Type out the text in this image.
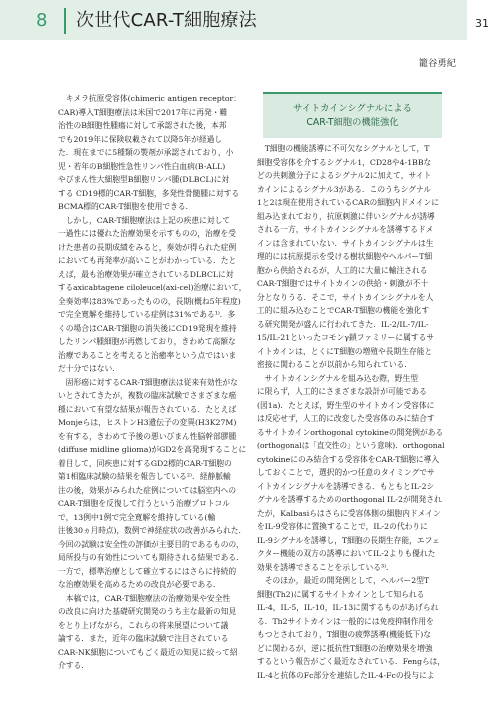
8 次世代CAR-T細胞療法	31
籠谷勇紀

　キメラ抗原受容体(chimeric antigen receptor：

CAR)導入T細胞療法は米国で2017年に再発・難

治性のB細胞性腫瘍に対して承認された後，本邦

でも2019年に保険収載されて以降5年が経過し

た．現在までに5種類の製剤が承認されており，小

児・若年のB細胞性急性リンパ性白血病(B-ALL)

やびまん性大細胞型B細胞リンパ腫(DLBCL)に対

する CD19標的CAR-T細胞，多発性骨髄腫に対する

BCMA標的CAR-T細胞を使用できる．

　しかし，CAR-T細胞療法は上記の疾患に対して

一過性には優れた治療効果を示すものの，治療を受

けた患者の長期成績をみると，奏効が得られた症例

においても再発率が高いことがわかっている．たと

えば，最も治療効果が確立されているDLBCLに対

するaxicabtagene ciloleucel(axi-cel)治療において，

全奏効率は83%であったものの，長期(概ね5年程度)

で完全寛解を維持している症例は31%である¹⁾．多

くの場合はCAR-T細胞の消失後にCD19発現を維持

したリンパ腫細胞が再燃しており，きわめて高額な

治療であることを考えると治癒率という点ではいま

だ十分ではない．

　固形癌に対するCAR-T細胞療法は従来有効性がな

いとされてきたが，複数の臨床試験でさまざまな癌

種において有望な結果が報告されている．たとえば

Monjeらは，ヒストンH3遺伝子の変異(H3K27M)

を有する，きわめて予後の悪いびまん性脳幹部膠腫

(diffuse midline glioma)がGD2を高発現することに

着目して，同疾患に対するGD2標的CAR-T細胞の

第1相臨床試験の結果を報告している²⁾．経静脈輸

注の後，効果がみられた症例については脳室内への

CAR-T細胞を反復して行うという治療プロトコル

で，13例中1例で完全寛解を維持している(輸

注後30ヵ月時点)，数例で神経症状の改善がみられた．

今回の試験は安全性の評価が主要目的であるものの，

局所投与の有効性についても期待される結果である．

一方で，標準治療として確立するにはさらに持続的

な治療効果を高めるための改良が必要である．

　本稿では，CAR-T細胞療法の治療効果や安全性

の改良に向けた基礎研究開発のうち主な最新の知見

をとり上げながら，これらの将来展望について議

論する．また，近年の臨床試験で注目されている

CAR-NK細胞についてもごく最近の知見に絞って紹

介する．

サイトカインシグナルによる
CAR-T細胞の機能強化

　T細胞の機能誘導に不可欠なシグナルとして，T

細胞受容体を介するシグナル1，CD28や4-1BBな

どの共刺激分子によるシグナル2に加えて，サイト

カインによるシグナル3がある．このうちシグナル

1と2は現在使用されているCARの細胞内ドメインに

組み込まれており，抗原刺激に伴いシグナルが誘導

される一方，サイトカインシグナルを誘導するドメ

インは含まれていない．サイトカインシグナルは生

理的には抗原提示を受ける樹状細胞やヘルパーT細

胞から供給されるが，人工的に大量に輸注される

CAR-T細胞ではサイトカインの供給・刺激が不十

分となりうる．そこで，サイトカインシグナルを人

工的に組み込むことでCAR-T細胞の機能を強化す

る研究開発が盛んに行われてきた．IL-2/IL-7/IL-

15/IL-21といったコモンγ鎖ファミリーに属するサ

イトカインは，とくにT細胞の増殖や長期生存能と

密接に関わることが以前から知られている．

　サイトカインシグナルを組み込む際，野生型

に限らず，人工的にさまざまな設計が可能である

(図1a)．たとえば，野生型のサイトカイン受容体に

は反応せず，人工的に改変した受容体のみに結合す

るサイトカインorthogonal cytokineの開発例がある

(orthogonalは「直交性の」という意味)．orthogonal

cytokineにのみ結合する受容体をCAR-T細胞に導入

しておくことで，選択的かつ任意のタイミングでサ

イトカインシグナルを誘導できる．もともとIL-2シ

グナルを誘導するためのorthogonal IL-2が開発され

たが，Kalbasiらはさらに受容体側の細胞内ドメイン

をIL-9受容体に置換することで，IL-2の代わりに

IL-9シグナルを誘導し，T細胞の長期生存能，エフェ

クター機能の双方の誘導においてIL-2よりも優れた

効果を誘導できることを示している³⁾．

　そのほか，最近の開発例として，ヘルパー2型T

細胞(Th2)に属するサイトカインとして知られる

IL-4，IL-5，IL-10，IL-13に関するものがあげられ

る．Th2サイトカインは一般的には免疫抑制作用を

もつとされており，T細胞の疲弊誘導(機能低下)な

どに関わるが，逆に抵抗性T細胞の治療効果を増強

するという報告がごく最近なされている．Fengらは，

IL-4と抗体のFc部分を連結したIL-4-Fcの投与によ
